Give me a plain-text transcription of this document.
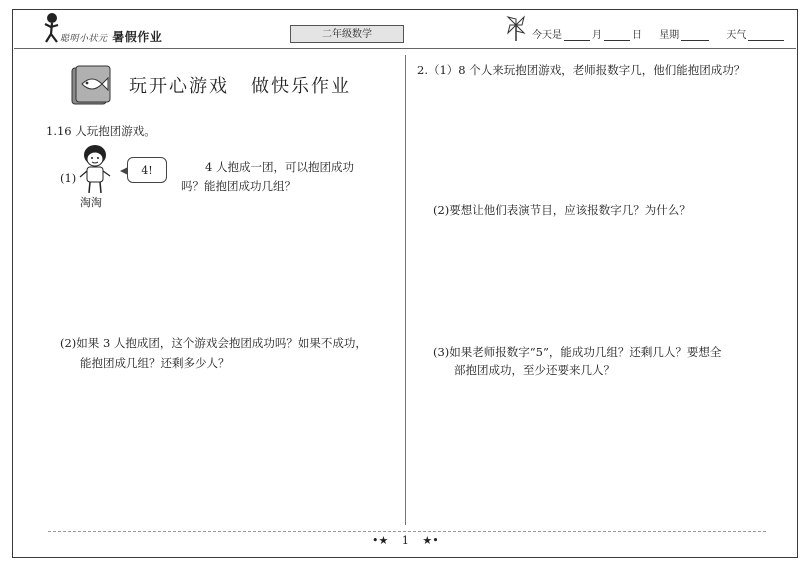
聪明小状元 暑假作业	二年级数学	今天是	月	日 星期	天气
玩开心游戏 做快乐作业
1.16 人玩抱团游戏。
(1)
4!
淘淘
4 人抱成一团，可以抱团成功
吗？能抱团成功几组？
(2)如果 3 人抱成团，这个游戏会抱团成功吗？如果不成功，
能抱团成几组？还剩多少人？
2.（1）8 个人来玩抱团游戏，老师报数字几，他们能抱团成功？
(2)要想让他们表演节目，应该报数字几？为什么？
(3)如果老师报数字“5”，能成功几组？还剩几人？要想全
部抱团成功，至少还要来几人？
•★ 1 ★•
